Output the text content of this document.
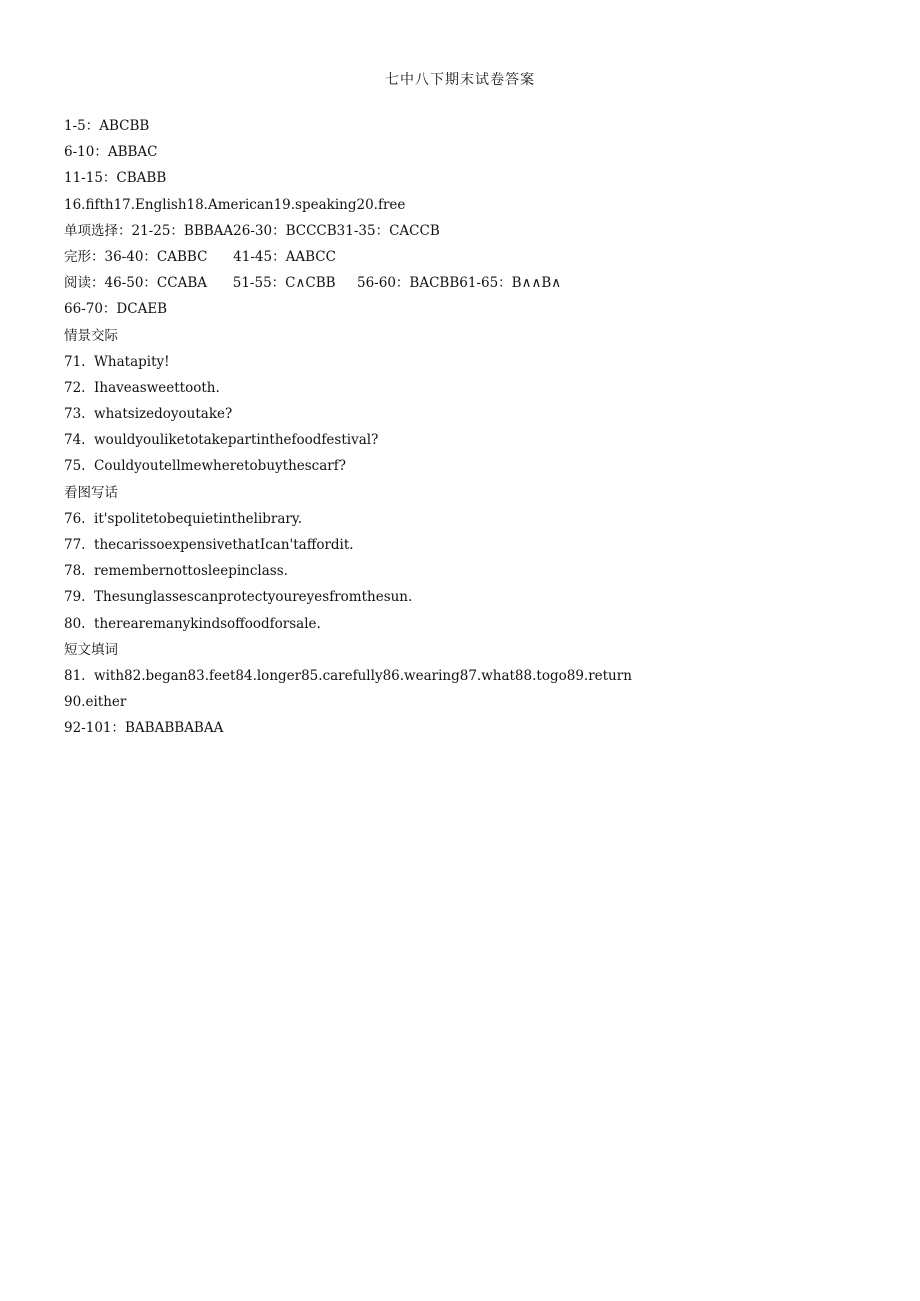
七中八下期末试卷答案
1-5：ABCBB
6-10：ABBAC
11-15：CBABB
16.fifth17.English18.American19.speaking20.free
单项选择：21-25：BBBAA26-30：BCCCB31-35：CACCB
完形：36-40：CABBC      41-45：AABCC
阅读：46-50：CCABA      51-55：C∧CBB     56-60：BACBB61-65：B∧∧B∧
66-70：DCAEB
情景交际
71.  Whatapity!
72.  Ihaveasweettooth.
73.  whatsizedoyoutake?
74.  wouldyouliketotakepartinthefoodfestival?
75.  Couldyoutellmewheretobuythescarf?
看图写话
76.  it'spolitetobequietinthelibrary.
77.  thecarissoexpensivethatIcan'taffordit.
78.  remembernottosleepinclass.
79.  Thesunglassescanprotectyoureyesfromthesun.
80.  therearemanykindsoffoodforsale.
短文填词
81.  with82.began83.feet84.longer85.carefully86.wearing87.what88.togo89.return
90.either
92-101：BABABBABAA
